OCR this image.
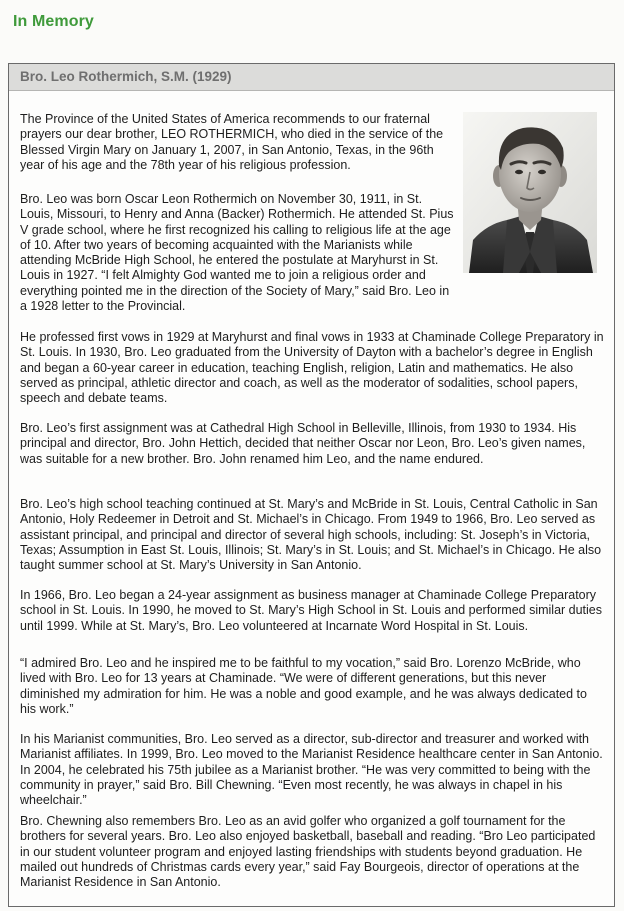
In Memory
Bro. Leo Rothermich, S.M. (1929)

The Province of the United States of America recommends to our fraternal prayers our dear brother, LEO ROTHERMICH, who died in the service of the Blessed Virgin Mary on January 1, 2007, in San Antonio, Texas, in the 96th year of his age and the 78th year of his religious profession.

Bro. Leo was born Oscar Leon Rothermich on November 30, 1911, in St. Louis, Missouri, to Henry and Anna (Backer) Rothermich. He attended St. Pius V grade school, where he first recognized his calling to religious life at the age of 10. After two years of becoming acquainted with the Marianists while attending McBride High School, he entered the postulate at Maryhurst in St. Louis in 1927. “I felt Almighty God wanted me to join a religious order and everything pointed me in the direction of the Society of Mary,” said Bro. Leo in a 1928 letter to the Provincial.

He professed first vows in 1929 at Maryhurst and final vows in 1933 at Chaminade College Preparatory in St. Louis. In 1930, Bro. Leo graduated from the University of Dayton with a bachelor’s degree in English and began a 60-year career in education, teaching English, religion, Latin and mathematics. He also served as principal, athletic director and coach, as well as the moderator of sodalities, school papers, speech and debate teams.

Bro. Leo’s first assignment was at Cathedral High School in Belleville, Illinois, from 1930 to 1934. His principal and director, Bro. John Hettich, decided that neither Oscar nor Leon, Bro. Leo’s given names, was suitable for a new brother. Bro. John renamed him Leo, and the name endured.

Bro. Leo’s high school teaching continued at St. Mary’s and McBride in St. Louis, Central Catholic in San Antonio, Holy Redeemer in Detroit and St. Michael’s in Chicago. From 1949 to 1966, Bro. Leo served as assistant principal, and principal and director of several high schools, including: St. Joseph’s in Victoria, Texas; Assumption in East St. Louis, Illinois; St. Mary’s in St. Louis; and St. Michael’s in Chicago. He also taught summer school at St. Mary’s University in San Antonio.

In 1966, Bro. Leo began a 24-year assignment as business manager at Chaminade College Preparatory school in St. Louis. In 1990, he moved to St. Mary’s High School in St. Louis and performed similar duties until 1999. While at St. Mary’s, Bro. Leo volunteered at Incarnate Word Hospital in St. Louis.

“I admired Bro. Leo and he inspired me to be faithful to my vocation,” said Bro. Lorenzo McBride, who lived with Bro. Leo for 13 years at Chaminade. “We were of different generations, but this never diminished my admiration for him. He was a noble and good example, and he was always dedicated to his work.”

In his Marianist communities, Bro. Leo served as a director, sub-director and treasurer and worked with Marianist affiliates. In 1999, Bro. Leo moved to the Marianist Residence healthcare center in San Antonio. In 2004, he celebrated his 75th jubilee as a Marianist brother. “He was very committed to being with the community in prayer,” said Bro. Bill Chewning. “Even most recently, he was always in chapel in his wheelchair.”

Bro. Chewning also remembers Bro. Leo as an avid golfer who organized a golf tournament for the brothers for several years. Bro. Leo also enjoyed basketball, baseball and reading. “Bro Leo participated in our student volunteer program and enjoyed lasting friendships with students beyond graduation. He mailed out hundreds of Christmas cards every year,” said Fay Bourgeois, director of operations at the Marianist Residence in San Antonio.
